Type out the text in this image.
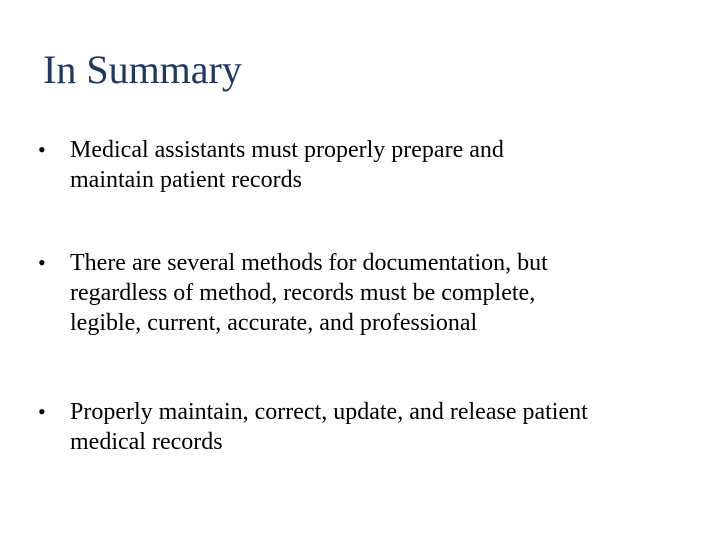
In Summary
• Medical assistants must properly prepare and
maintain patient records

• There are several methods for documentation, but
regardless of method, records must be complete,
legible, current, accurate, and professional

• Properly maintain, correct, update, and release patient
medical records
